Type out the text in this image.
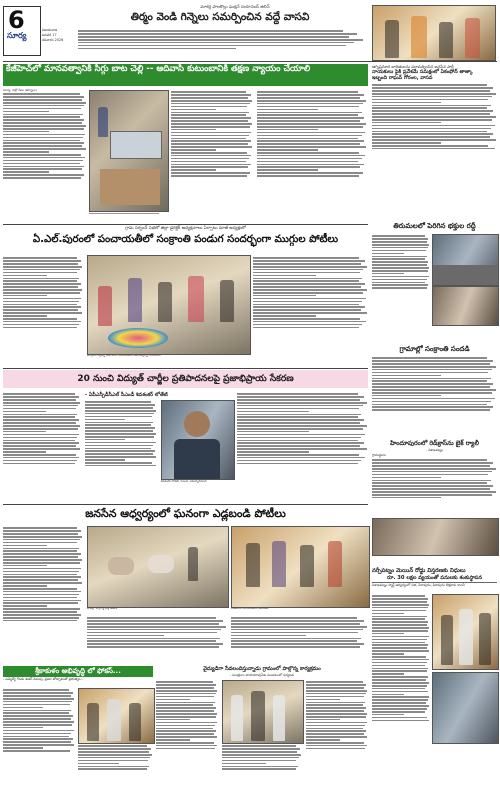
6
సూర్య
విజయవాడ
జనవరి 17
శనివారం 2026
మాకర్ల పాలకొల్లు ఫంక్షనే దయానంద్ జిలిన్
తిర్మం వెండి గిన్నెలు సమర్పించిన వద్దే వాసవి
కేజీహెచ్‌లో మానవత్వానికి సిగ్గు బాట చెల్లి -- ఆదివాసి కుటుంబానికి తక్షణ న్యాయం చేయాలి
సూర్య, పెట్రో పేటు (కర్నూలు)
ఆగ్నిప్రమాద బాధితులను పరామర్శించిన జనసేన పార్టీ
నాయకులు పైకి ప్రవేశమే సమక్షంలో ఏకంఫోన్ తాత్కా
ఇబ్బంది రాఘవ్ గోరంల, వాసవ
గ్రామ సర్పంచ్ సభలో జిల్లా డైరెక్టర్ అధ్యక్షురాలు ఏర్పాటు మాజీ అధ్యక్షులో
ఏ.ఎల్.పురంలో పంచాయతీలో సంక్రాంతి పండుగ సందర్భంగా ముగ్గుల పోటీలు
ముగ్గులు వేస్తున్న మహిళలు, బహుమతులు అందజేస్తున్న నాయకులు
తిరుమలలో పెరిగిన భక్తుల రద్దీ
గ్రామాల్లో సంక్రాంతి సందడి
20 నుంచి విద్యుత్ చార్జీల ప్రతిపాదనలపై ప్రజాభిప్రాయ సేకరణ
- ఏపీఎస్పీడీసీఎల్ సీఎండీ శివశంకర్ లోతేటి
శివశంకర్ లోతేటి, సీఎండీ, ఏపీఎస్పీడీసీఎల్
హిందూపురంలో రెడ్‌క్రాస్‌ను బైక్ ర్యాలీ
- విశాఖపట్నం
గ్రామస్థులు
జనసేన ఆధ్వర్యంలో ఘనంగా ఎడ్లబండి పోటీలు
పోటీల్లో పాల్గొన్న ఎడ్ల జతలు	విజేతలకు బహుమతులు అందజేత
నర్సీపట్నం మెయిన్ రోడ్డు విస్తరణకు నిధులు
రూ. 30 లక్షల వ్యయంతో పనులకు శంకుస్థాపన
విశాఖపట్నం స్మార్ట్ ఆధ్వర్యంలో సభ, పిఠాపురం, పిఠాపురం కొత్తూరు కాలనీ
శ్రీకాకుళం అభివృద్ధి లో ఫోకస్...
- ఎమ్మెల్యే గొండు శంకర్ పిలుపు, ప్రజల తోడ్పాటుతో ప్రభుత్వం...
వైద్యుడిగా సేవలందిస్తున్నాడు గ్రామంలో పాల్గొన్న కార్యక్రమం
- మంత్రులు పాయకరావుపేట మండలంలో పర్యటన
